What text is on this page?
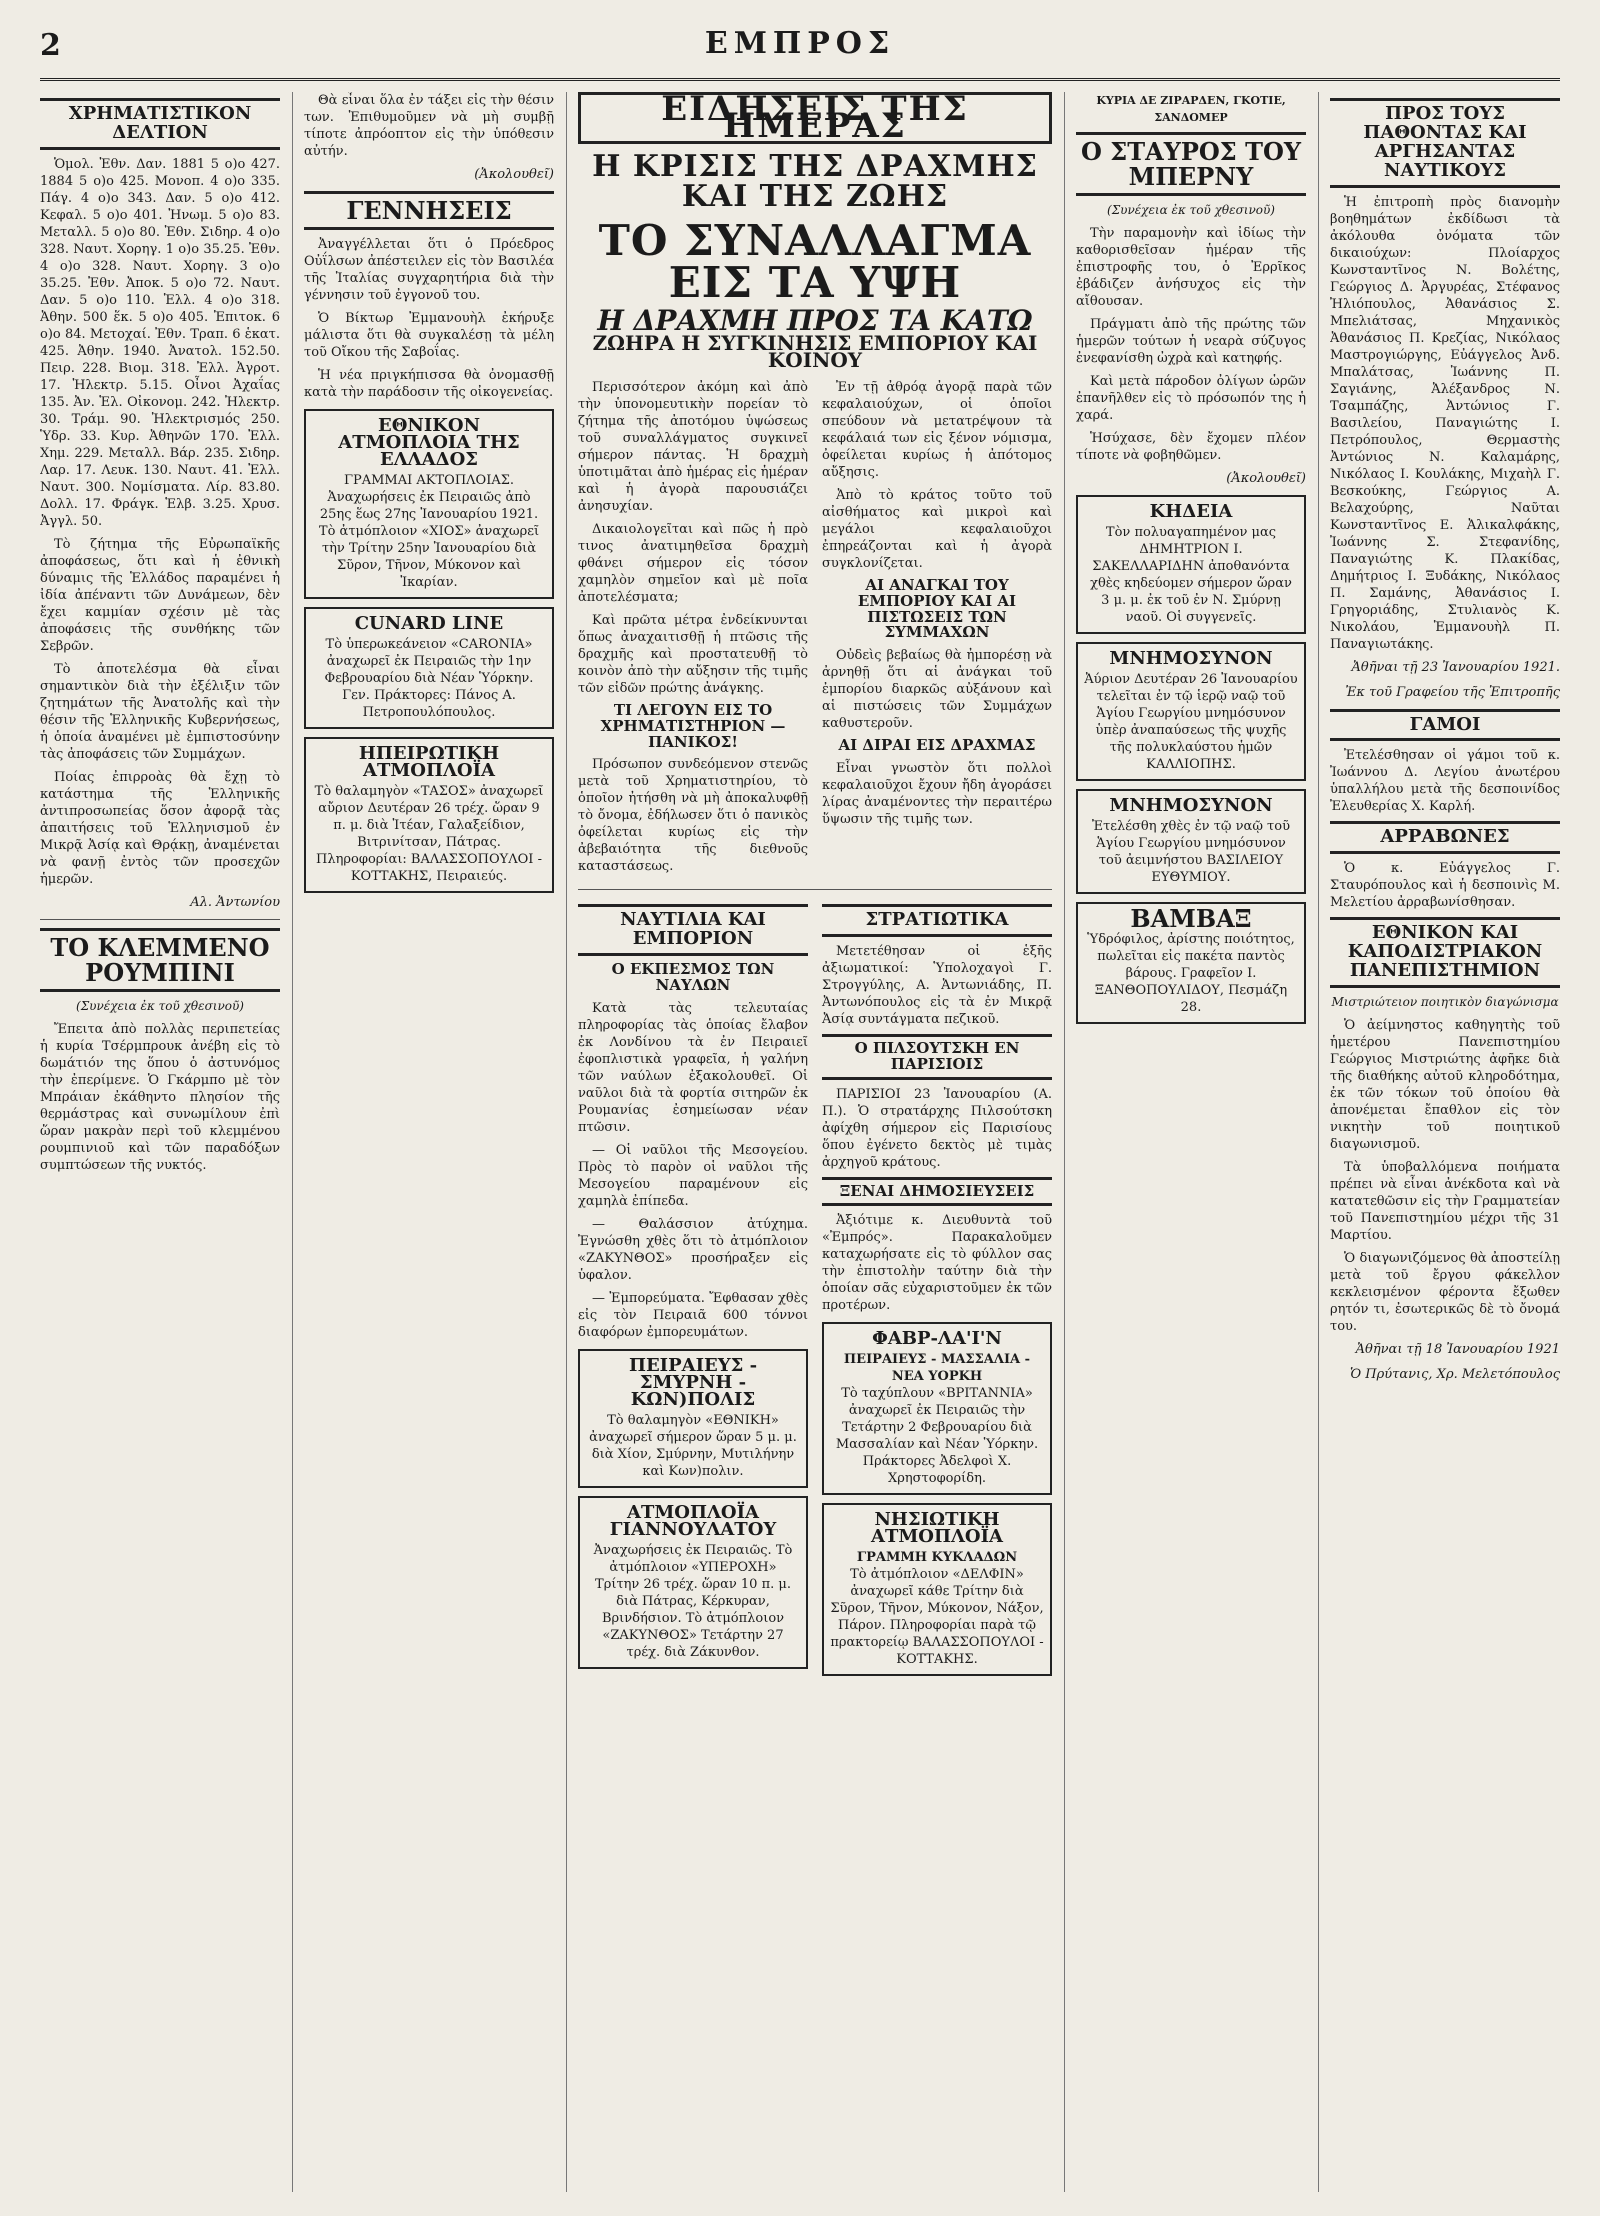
2	ΕΜΠΡΟΣ
ΧΡΗΜΑΤΙΣΤΙΚΟΝ ΔΕΛΤΙΟΝ

Ὁμολ. Ἐθν. Δαν. 1881 5 ο)ο 427. 1884 5 ο)ο 425. Μονοπ. 4 ο)ο 335. Πάγ. 4 ο)ο 343. Δαν. 5 ο)ο 412. Κεφαλ. 5 ο)ο 401. Ἠνωμ. 5 ο)ο 83. Μεταλλ. 5 ο)ο 80. Ἐθν. Σιδηρ. 4 ο)ο 328. Ναυτ. Χορηγ. 1 ο)ο 35.25. Ἐθν. 4 ο)ο 328. Ναυτ. Χορηγ. 3 ο)ο 35.25. Ἐθν. Ἀποκ. 5 ο)ο 72. Ναυτ. Δαν. 5 ο)ο 110. Ἐλλ. 4 ο)ο 318. Ἀθην. 500 ἕκ. 5 ο)ο 405. Ἐπιτοκ. 6 ο)ο 84. Μετοχαί. Ἐθν. Τραπ. 6 ἑκατ. 425. Ἀθην. 1940. Ἀνατολ. 152.50. Πειρ. 228. Βιομ. 318. Ἐλλ. Ἀγροτ. 17. Ἠλεκτρ. 5.15. Οἶνοι Ἀχαΐας 135. Ἀν. Ἑλ. Οἰκονομ. 242. Ἠλεκτρ. 30. Τράμ. 90. Ἠλεκτρισμός 250. Ὑδρ. 33. Κυρ. Ἀθηνῶν 170. Ἐλλ. Χημ. 229. Μεταλλ. Βάρ. 235. Σιδηρ. Λαρ. 17. Λευκ. 130. Ναυτ. 41. Ἐλλ. Ναυτ. 300. Νομίσματα. Λίρ. 83.80. Δολλ. 17. Φράγκ. Ἑλβ. 3.25. Χρυσ. Ἀγγλ. 50.

Τὸ ζήτημα τῆς Εὐρωπαϊκῆς ἀποφάσεως, ὅτι καὶ ἡ ἐθνικὴ δύναμις τῆς Ἑλλάδος παραμένει ἡ ἰδία ἀπέναντι τῶν Δυνάμεων, δὲν ἔχει καμμίαν σχέσιν μὲ τὰς ἀποφάσεις τῆς συνθήκης τῶν Σεβρῶν.

Τὸ ἀποτελέσμα θὰ εἶναι σημαντικὸν διὰ τὴν ἐξέλιξιν τῶν ζητημάτων τῆς Ἀνατολῆς καὶ τὴν θέσιν τῆς Ἑλληνικῆς Κυβερνήσεως, ἡ ὁποία ἀναμένει μὲ ἐμπιστοσύνην τὰς ἀποφάσεις τῶν Συμμάχων.

Ποίας ἐπιρροὰς θὰ ἔχῃ τὸ κατάστημα τῆς Ἑλληνικῆς ἀντιπροσωπείας ὅσον ἀφορᾷ τὰς ἀπαιτήσεις τοῦ Ἑλληνισμοῦ ἐν Μικρᾷ Ἀσίᾳ καὶ Θρᾴκῃ, ἀναμένεται νὰ φανῇ ἐντὸς τῶν προσεχῶν ἡμερῶν.

Αλ. Ἀντωνίου
ΤΟ ΚΛΕΜΜΕΝΟ ΡΟΥΜΠΙΝΙ
(Συνέχεια ἐκ τοῦ χθεσινοῦ)

Ἔπειτα ἀπὸ πολλὰς περιπετείας ἡ κυρία Τσέρμπρουκ ἀνέβη εἰς τὸ δωμάτιόν της ὅπου ὁ ἀστυνόμος τὴν ἐπερίμενε. Ὁ Γκάρμπο μὲ τὸν Μπράιαν ἐκάθηντο πλησίον τῆς θερμάστρας καὶ συνωμίλουν ἐπὶ ὥραν μακρὰν περὶ τοῦ κλεμμένου ρουμπινιοῦ καὶ τῶν παραδόξων συμπτώσεων τῆς νυκτός.

Θὰ εἶναι ὅλα ἐν τάξει εἰς τὴν θέσιν των. Ἐπιθυμοῦμεν νὰ μὴ συμβῇ τίποτε ἀπρόοπτον εἰς τὴν ὑπόθεσιν αὐτήν.

(Ἀκολουθεῖ)
ΓΕΝΝΗΣΕΙΣ

Ἀναγγέλλεται ὅτι ὁ Πρόεδρος Οὐΐλσων ἀπέστειλεν εἰς τὸν Βασιλέα τῆς Ἰταλίας συγχαρητήρια διὰ τὴν γέννησιν τοῦ ἐγγονοῦ του.

Ὁ Βίκτωρ Ἐμμανουὴλ ἐκήρυξε μάλιστα ὅτι θὰ συγκαλέσῃ τὰ μέλη τοῦ Οἴκου τῆς Σαβοΐας.

Ἡ νέα πριγκήπισσα θὰ ὀνομασθῇ κατὰ τὴν παράδοσιν τῆς οἰκογενείας.

ΕΘΝΙΚΟΝ ΑΤΜΟΠΛΟΙΑ ΤΗΣ ΕΛΛΑΔΟΣ
ΓΡΑΜΜΑΙ ΑΚΤΟΠΛΟΙΑΣ. Ἀναχωρήσεις ἐκ Πειραιῶς ἀπὸ 25ης ἕως 27ης Ἰανουαρίου 1921. Τὸ ἀτμόπλοιον «ΧΙΟΣ» ἀναχωρεῖ τὴν Τρίτην 25ην Ἰανουαρίου διὰ Σῦρον, Τῆνον, Μύκονον καὶ Ἰκαρίαν.
CUNARD LINE
Τὸ ὑπερωκεάνειον «CARONIA» ἀναχωρεῖ ἐκ Πειραιῶς τὴν 1ην Φεβρουαρίου διὰ Νέαν Ὑόρκην. Γεν. Πράκτορες: Πάνος Α. Πετροπουλόπουλος.
ΗΠΕΙΡΩΤΙΚΗ ΑΤΜΟΠΛΟΪΑ
Τὸ θαλαμηγὸν «ΤΑΣΟΣ» ἀναχωρεῖ αὔριον Δευτέραν 26 τρέχ. ὥραν 9 π. μ. διὰ Ἰτέαν, Γαλαξείδιον, Βιτρινίτσαν, Πάτρας. Πληροφορίαι: ΒΑΛΑΣΣΟΠΟΥΛΟΙ - ΚΟΤΤΑΚΗΣ, Πειραιεύς.
ΕΙΔΗΣΕΙΣ ΤΗΣ ΗΜΕΡΑΣ
Η ΚΡΙΣΙΣ ΤΗΣ ΔΡΑΧΜΗΣ ΚΑΙ ΤΗΣ ΖΩΗΣ
ΤΟ ΣΥΝΑΛΛΑΓΜΑ ΕΙΣ ΤΑ ΥΨΗ
Η ΔΡΑΧΜΗ ΠΡΟΣ ΤΑ ΚΑΤΩ
ΖΩΗΡΑ Η ΣΥΓΚΙΝΗΣΙΣ ΕΜΠΟΡΙΟΥ ΚΑΙ ΚΟΙΝΟΥ

Περισσότερον ἀκόμη καὶ ἀπὸ τὴν ὑπονομευτικὴν πορείαν τὸ ζήτημα τῆς ἀποτόμου ὑψώσεως τοῦ συναλλάγματος συγκινεῖ σήμερον πάντας. Ἡ δραχμὴ ὑποτιμᾶται ἀπὸ ἡμέρας εἰς ἡμέραν καὶ ἡ ἀγορὰ παρουσιάζει ἀνησυχίαν.

Δικαιολογεῖται καὶ πῶς ἡ πρὸ τινος ἀνατιμηθεῖσα δραχμὴ φθάνει σήμερον εἰς τόσον χαμηλὸν σημεῖον καὶ μὲ ποῖα ἀποτελέσματα;

Καὶ πρῶτα μέτρα ἐνδείκνυνται ὅπως ἀναχαιτισθῇ ἡ πτῶσις τῆς δραχμῆς καὶ προστατευθῇ τὸ κοινὸν ἀπὸ τὴν αὔξησιν τῆς τιμῆς τῶν εἰδῶν πρώτης ἀνάγκης.

ΤΙ ΛΕΓΟΥΝ ΕΙΣ ΤΟ ΧΡΗΜΑΤΙΣΤΗΡΙΟΝ — ΠΑΝΙΚΟΣ!

Πρόσωπον συνδεόμενον στενῶς μετὰ τοῦ Χρηματιστηρίου, τὸ ὁποῖον ἠτήσθη νὰ μὴ ἀποκαλυφθῇ τὸ ὄνομα, ἐδήλωσεν ὅτι ὁ πανικὸς ὀφείλεται κυρίως εἰς τὴν ἀβεβαιότητα τῆς διεθνοῦς καταστάσεως.

Ἐν τῇ ἀθρόᾳ ἀγορᾷ παρὰ τῶν κεφαλαιούχων, οἱ ὁποῖοι σπεύδουν νὰ μετατρέψουν τὰ κεφάλαιά των εἰς ξένον νόμισμα, ὀφείλεται κυρίως ἡ ἀπότομος αὔξησις.

Ἀπὸ τὸ κράτος τοῦτο τοῦ αἰσθήματος καὶ μικροὶ καὶ μεγάλοι κεφαλαιοῦχοι ἐπηρεάζονται καὶ ἡ ἀγορὰ συγκλονίζεται.

ΑΙ ΑΝΑΓΚΑΙ ΤΟΥ ΕΜΠΟΡΙΟΥ ΚΑΙ ΑΙ ΠΙΣΤΩΣΕΙΣ ΤΩΝ ΣΥΜΜΑΧΩΝ

Οὐδεὶς βεβαίως θὰ ἠμπορέσῃ νὰ ἀρνηθῇ ὅτι αἱ ἀνάγκαι τοῦ ἐμπορίου διαρκῶς αὐξάνουν καὶ αἱ πιστώσεις τῶν Συμμάχων καθυστεροῦν.

ΑΙ ΔΙΡΑΙ ΕΙΣ ΔΡΑΧΜΑΣ

Εἶναι γνωστὸν ὅτι πολλοὶ κεφαλαιοῦχοι ἔχουν ἤδη ἀγοράσει λίρας ἀναμένοντες τὴν περαιτέρω ὕψωσιν τῆς τιμῆς των.

ΝΑΥΤΙΛΙΑ ΚΑΙ ΕΜΠΟΡΙΟΝ
Ο ΕΚΠΕΣΜΟΣ ΤΩΝ ΝΑΥΛΩΝ

Κατὰ τὰς τελευταίας πληροφορίας τὰς ὁποίας ἔλαβον ἐκ Λονδίνου τὰ ἐν Πειραιεῖ ἐφοπλιστικὰ γραφεῖα, ἡ γαλήνη τῶν ναύλων ἐξακολουθεῖ. Οἱ ναῦλοι διὰ τὰ φορτία σιτηρῶν ἐκ Ρουμανίας ἐσημείωσαν νέαν πτῶσιν.

— Οἱ ναῦλοι τῆς Μεσογείου. Πρὸς τὸ παρὸν οἱ ναῦλοι τῆς Μεσογείου παραμένουν εἰς χαμηλὰ ἐπίπεδα.

— Θαλάσσιον ἀτύχημα. Ἐγνώσθη χθὲς ὅτι τὸ ἀτμόπλοιον «ΖΑΚΥΝΘΟΣ» προσήραξεν εἰς ὑφαλον.

— Ἐμπορεύματα. Ἔφθασαν χθὲς εἰς τὸν Πειραιᾶ 600 τόννοι διαφόρων ἐμπορευμάτων.

ΠΕΙΡΑΙΕΥΣ - ΣΜΥΡΝΗ - ΚΩΝ)ΠΟΛΙΣ
Τὸ θαλαμηγὸν «ΕΘΝΙΚΗ» ἀναχωρεῖ σήμερον ὥραν 5 μ. μ. διὰ Χίον, Σμύρνην, Μυτιλήνην καὶ Κων)πολιν.
ΑΤΜΟΠΛΟΪΑ ΓΙΑΝΝΟΥΛΑΤΟΥ
Ἀναχωρήσεις ἐκ Πειραιῶς. Τὸ ἀτμόπλοιον «ΥΠΕΡΟΧΗ» Τρίτην 26 τρέχ. ὥραν 10 π. μ. διὰ Πάτρας, Κέρκυραν, Βρινδήσιον. Τὸ ἀτμόπλοιον «ΖΑΚΥΝΘΟΣ» Τετάρτην 27 τρέχ. διὰ Ζάκυνθον.
ΣΤΡΑΤΙΩΤΙΚΑ

Μετετέθησαν οἱ ἑξῆς ἀξιωματικοί: Ὑπολοχαγοὶ Γ. Στρογγύλης, Α. Ἀντωνιάδης, Π. Ἀντωνόπουλος εἰς τὰ ἐν Μικρᾷ Ἀσίᾳ συντάγματα πεζικοῦ.

Ο ΠΙΛΣΟΥΤΣΚΗ ΕΝ ΠΑΡΙΣΙΟΙΣ

ΠΑΡΙΣΙΟΙ 23 Ἰανουαρίου (Α. Π.). Ὁ στρατάρχης Πιλσούτσκη ἀφίχθη σήμερον εἰς Παρισίους ὅπου ἐγένετο δεκτὸς μὲ τιμὰς ἀρχηγοῦ κράτους.

ΞΕΝΑΙ ΔΗΜΟΣΙΕΥΣΕΙΣ

Ἀξιότιμε κ. Διευθυντὰ τοῦ «Ἐμπρός». Παρακαλοῦμεν καταχωρήσατε εἰς τὸ φύλλον σας τὴν ἐπιστολὴν ταύτην διὰ τὴν ὁποίαν σᾶς εὐχαριστοῦμεν ἐκ τῶν προτέρων.

ΦΑΒΡ-ΛΑ'Ι'Ν
ΠΕΙΡΑΙΕΥΣ - ΜΑΣΣΑΛΙΑ - ΝΕΑ ΥΟΡΚΗ
Τὸ ταχύπλουν «ΒΡΙΤΑΝΝΙΑ» ἀναχωρεῖ ἐκ Πειραιῶς τὴν Τετάρτην 2 Φεβρουαρίου διὰ Μασσαλίαν καὶ Νέαν Ὑόρκην. Πράκτορες Ἀδελφοὶ Χ. Χρηστοφορίδη.
ΝΗΣΙΩΤΙΚΗ ΑΤΜΟΠΛΟΪΑ
ΓΡΑΜΜΗ ΚΥΚΛΑΔΩΝ
Τὸ ἀτμόπλοιον «ΔΕΛΦΙΝ» ἀναχωρεῖ κάθε Τρίτην διὰ Σῦρον, Τῆνον, Μύκονον, Νάξον, Πάρον. Πληροφορίαι παρὰ τῷ πρακτορείῳ ΒΑΛΑΣΣΟΠΟΥΛΟΙ - ΚΟΤΤΑΚΗΣ.
ΚΥΡΙΑ ΔΕ ΖΙΡΑΡΔΕΝ, ΓΚΟΤΙΕ, ΣΑΝΔΟΜΕΡ
Ο ΣΤΑΥΡΟΣ ΤΟΥ ΜΠΕΡΝΥ
(Συνέχεια ἐκ τοῦ χθεσινοῦ)

Τὴν παραμονὴν καὶ ἰδίως τὴν καθορισθεῖσαν ἡμέραν τῆς ἐπιστροφῆς του, ὁ Ἐρρῖκος ἐβάδιζεν ἀνήσυχος εἰς τὴν αἴθουσαν.

Πράγματι ἀπὸ τῆς πρώτης τῶν ἡμερῶν τούτων ἡ νεαρὰ σύζυγος ἐνεφανίσθη ὠχρὰ καὶ κατηφής.

Καὶ μετὰ πάροδον ὀλίγων ὡρῶν ἐπανῆλθεν εἰς τὸ πρόσωπόν της ἡ χαρά.

Ἡσύχασε, δὲν ἔχομεν πλέον τίποτε νὰ φοβηθῶμεν.

(Ἀκολουθεῖ)
ΚΗΔΕΙΑ
Τὸν πολυαγαπημένον μας ΔΗΜΗΤΡΙΟΝ Ι. ΣΑΚΕΛΛΑΡΙΔΗΝ ἀποθανόντα χθὲς κηδεύομεν σήμερον ὥραν 3 μ. μ. ἐκ τοῦ ἐν Ν. Σμύρνῃ ναοῦ. Οἱ συγγενεῖς.
ΜΝΗΜΟΣΥΝΟΝ
Ἀύριον Δευτέραν 26 Ἰανουαρίου τελεῖται ἐν τῷ ἱερῷ ναῷ τοῦ Ἁγίου Γεωργίου μνημόσυνον ὑπὲρ ἀναπαύσεως τῆς ψυχῆς τῆς πολυκλαύστου ἡμῶν ΚΑΛΛΙΟΠΗΣ.
ΜΝΗΜΟΣΥΝΟΝ
Ἐτελέσθη χθὲς ἐν τῷ ναῷ τοῦ Ἁγίου Γεωργίου μνημόσυνον τοῦ ἀειμνήστου ΒΑΣΙΛΕΙΟΥ ΕΥΘΥΜΙΟΥ.
ΒΑΜΒΑΞ
Ὑδρόφιλος, ἀρίστης ποιότητος, πωλεῖται εἰς πακέτα παντὸς βάρους. Γραφεῖον Ι. ΞΑΝΘΟΠΟΥΛΙΔΟΥ, Πεσμάζη 28.
ΠΡΟΣ ΤΟΥΣ ΠΑΘΟΝΤΑΣ ΚΑΙ ΑΡΓΗΣΑΝΤΑΣ ΝΑΥΤΙΚΟΥΣ

Ἡ ἐπιτροπὴ πρὸς διανομὴν βοηθημάτων ἐκδίδωσι τὰ ἀκόλουθα ὀνόματα τῶν δικαιούχων: Πλοίαρχος Κωνσταντῖνος Ν. Βολέτης, Γεώργιος Δ. Ἀργυρέας, Στέφανος Ἠλιόπουλος, Ἀθανάσιος Σ. Μπελιάτσας, Μηχανικὸς Ἀθανάσιος Π. Κρεζίας, Νικόλαος Μαστρογιώργης, Εὐάγγελος Ἀνδ. Μπαλάτσας, Ἰωάννης Π. Σαγιάνης, Ἀλέξανδρος Ν. Τσαμπάζης, Ἀντώνιος Γ. Βασιλείου, Παναγιώτης Ι. Πετρόπουλος, Θερμαστὴς Ἀντώνιος Ν. Καλαμάρης, Νικόλαος Ι. Κουλάκης, Μιχαὴλ Γ. Βεσκούκης, Γεώργιος Α. Βελαχούρης, Ναῦται Κωνσταντῖνος Ε. Ἀλικαλφάκης, Ἰωάννης Σ. Στεφανίδης, Παναγιώτης Κ. Πλακίδας, Δημήτριος Ι. Ξυδάκης, Νικόλαος Π. Σαμάνης, Ἀθανάσιος Ι. Γρηγοριάδης, Στυλιανὸς Κ. Νικολάου, Ἐμμανουὴλ Π. Παναγιωτάκης.

Ἀθῆναι τῇ 23 Ἰανουαρίου 1921.
Ἐκ τοῦ Γραφείου τῆς Ἐπιτροπῆς
ΓΑΜΟΙ

Ἐτελέσθησαν οἱ γάμοι τοῦ κ. Ἰωάννου Δ. Λεγίου ἀνωτέρου ὑπαλλήλου μετὰ τῆς δεσποινίδος Ἐλευθερίας Χ. Καρλή.

ΑΡΡΑΒΩΝΕΣ

Ὁ κ. Εὐάγγελος Γ. Σταυρόπουλος καὶ ἡ δεσποινὶς Μ. Μελετίου ἀρραβωνίσθησαν.

ΕΘΝΙΚΟΝ ΚΑΙ ΚΑΠΟΔΙΣΤΡΙΑΚΟΝ ΠΑΝΕΠΙΣΤΗΜΙΟΝ
Μιστριώτειον ποιητικὸν διαγώνισμα

Ὁ ἀείμνηστος καθηγητὴς τοῦ ἡμετέρου Πανεπιστημίου Γεώργιος Μιστριώτης ἀφῆκε διὰ τῆς διαθήκης αὐτοῦ κληροδότημα, ἐκ τῶν τόκων τοῦ ὁποίου θὰ ἀπονέμεται ἔπαθλον εἰς τὸν νικητὴν τοῦ ποιητικοῦ διαγωνισμοῦ.

Τὰ ὑποβαλλόμενα ποιήματα πρέπει νὰ εἶναι ἀνέκδοτα καὶ νὰ κατατεθῶσιν εἰς τὴν Γραμματείαν τοῦ Πανεπιστημίου μέχρι τῆς 31 Μαρτίου.

Ὁ διαγωνιζόμενος θὰ ἀποστείλῃ μετὰ τοῦ ἔργου φάκελλον κεκλεισμένον φέροντα ἔξωθεν ρητόν τι, ἐσωτερικῶς δὲ τὸ ὄνομά του.

Ἀθῆναι τῇ 18 Ἰανουαρίου 1921
Ὁ Πρύτανις, Χρ. Μελετόπουλος
